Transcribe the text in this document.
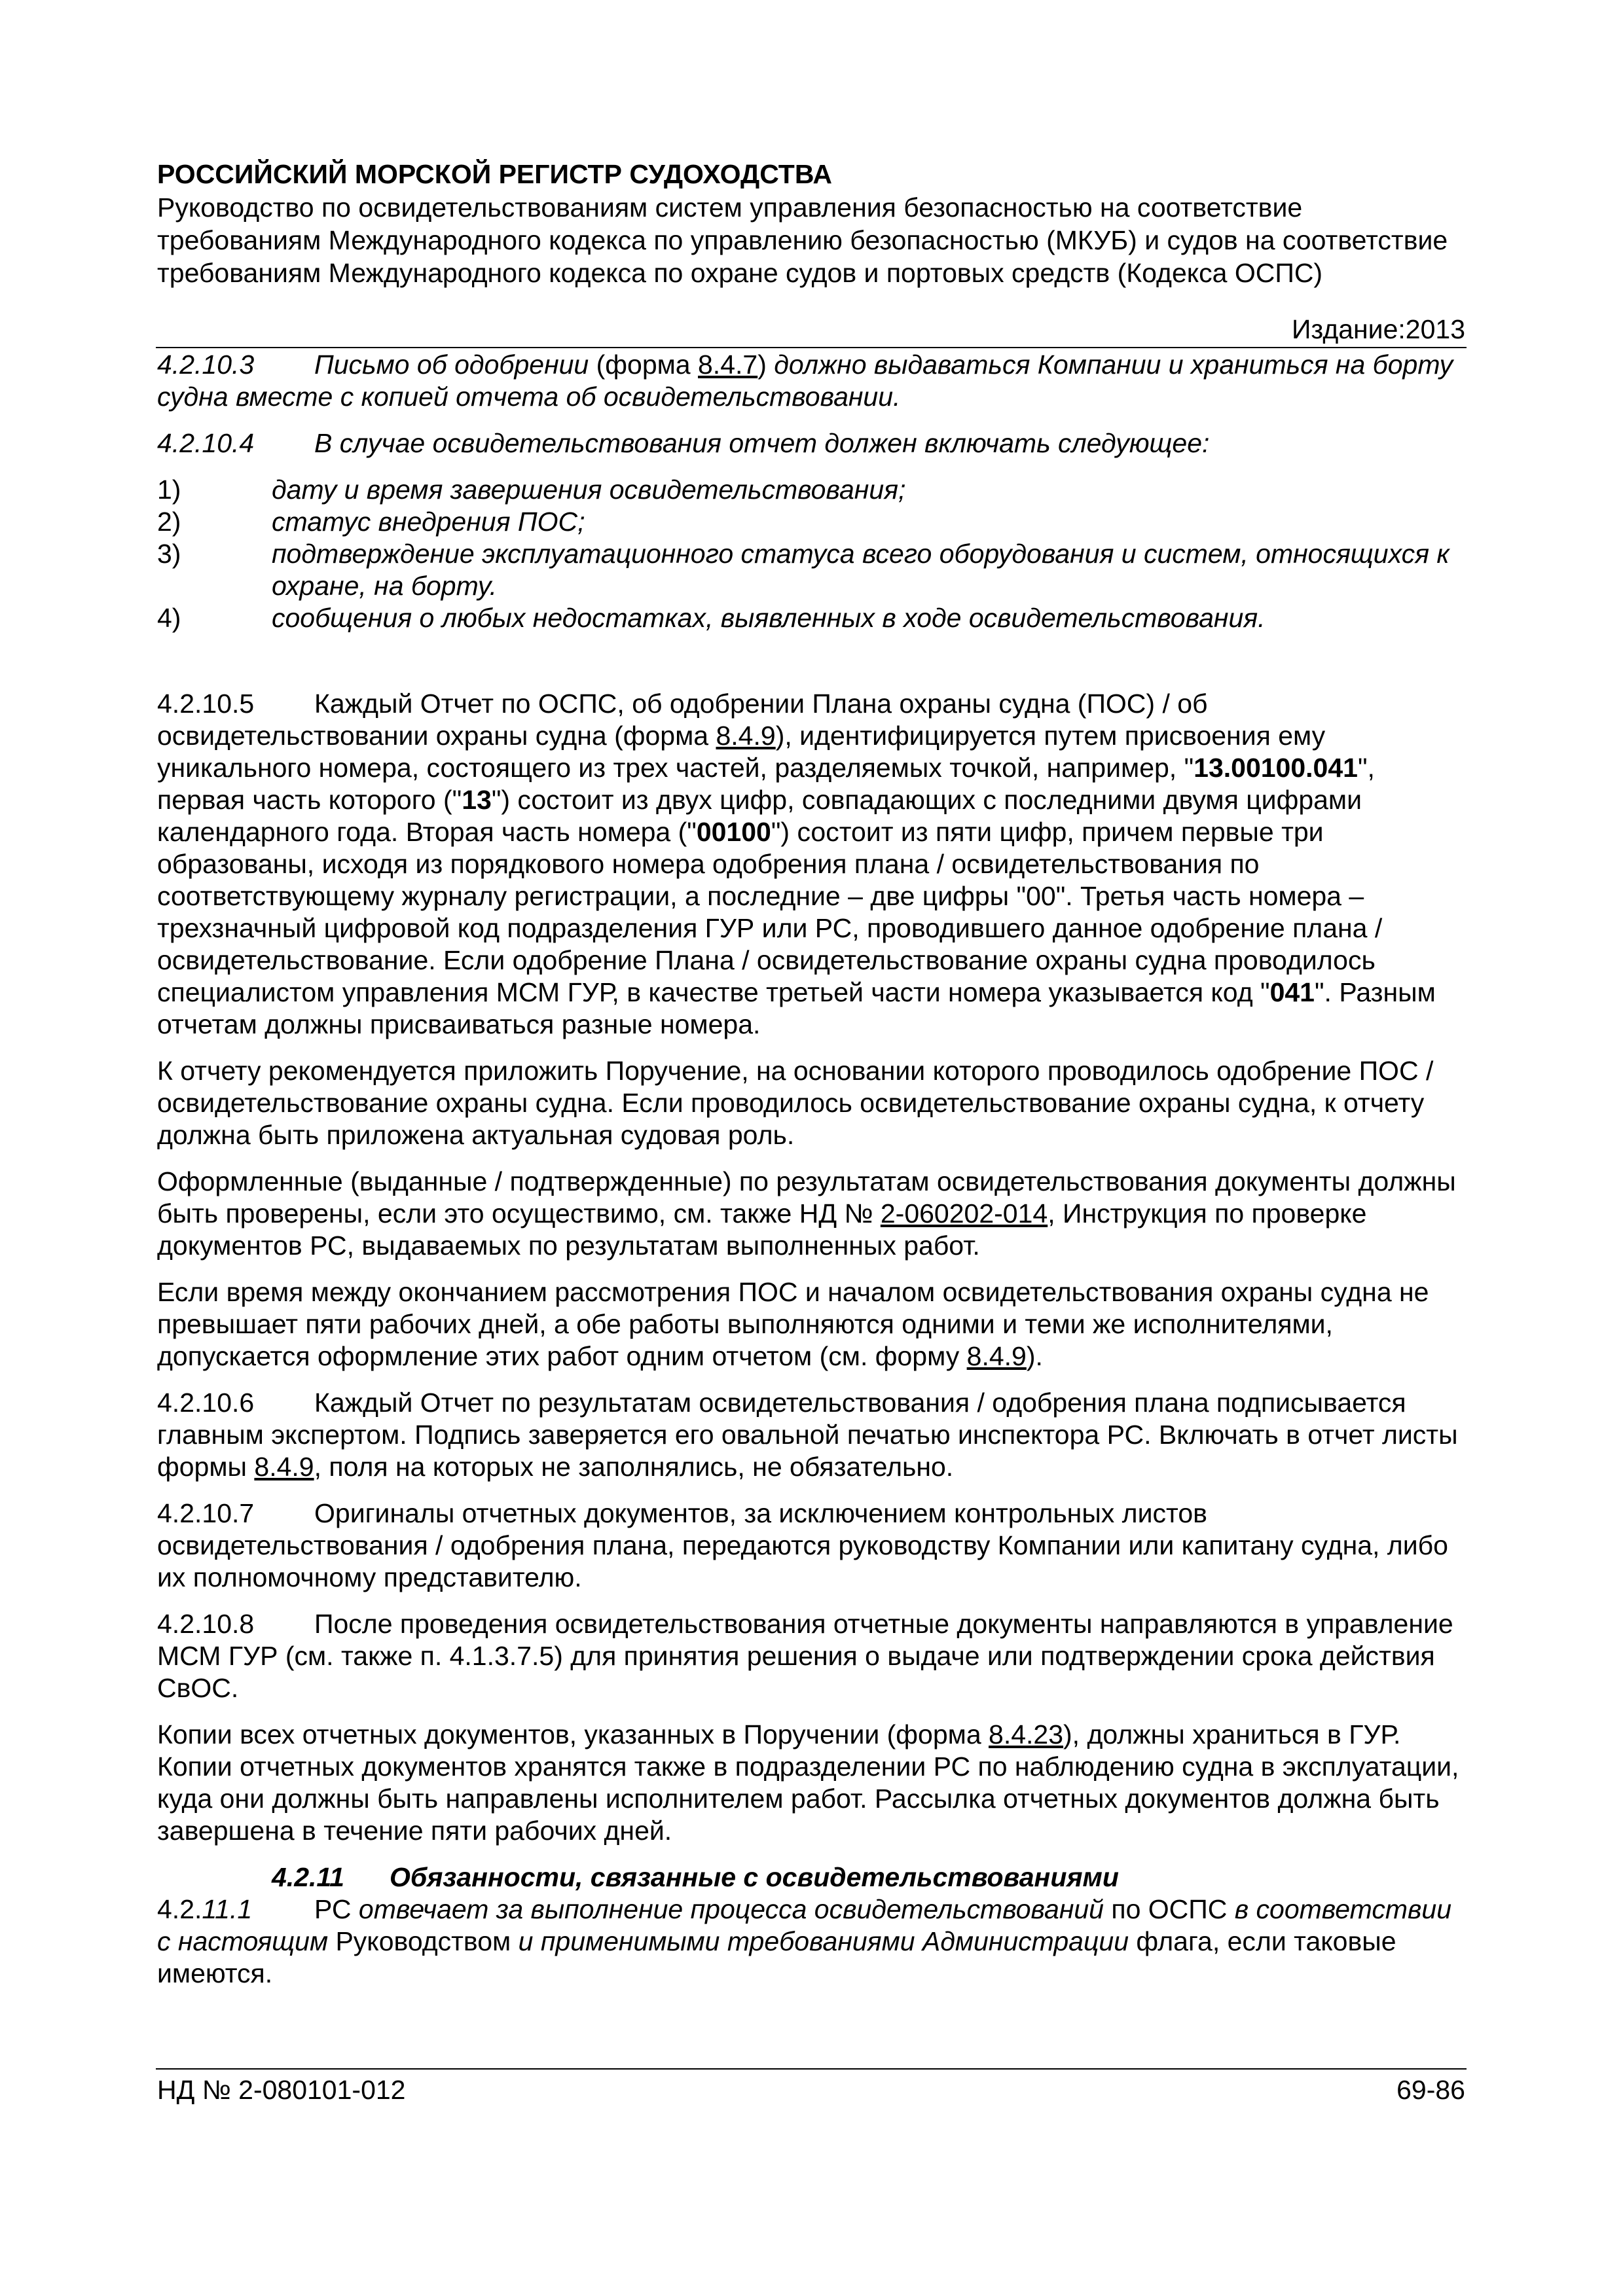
РОССИЙСКИЙ МОРСКОЙ РЕГИСТР СУДОХОДСТВА
Руководство по освидетельствованиям систем управления безопасностью на соответствие требованиям Международного кодекса по управлению безопасностью (МКУБ) и судов на соответствие требованиям Международного кодекса по охране судов и портовых средств (Кодекса ОСПС)
Издание:2013

4.2.10.3 Письмо об одобрении (форма 8.4.7) должно выдаваться Компании и храниться на борту судна вместе с копией отчета об освидетельствовании.

4.2.10.4 В случае освидетельствования отчет должен включать следующее:

1)	дату и время завершения освидетельствования;
2)	статус внедрения ПОС;
3)	подтверждение эксплуатационного статуса всего оборудования и систем, относящихся к охране, на борту.
4)	сообщения о любых недостатках, выявленных в ходе освидетельствования.

4.2.10.5 Каждый Отчет по ОСПС, об одобрении Плана охраны судна (ПОС) / об освидетельствовании охраны судна (форма 8.4.9), идентифицируется путем присвоения ему уникального номера, состоящего из трех частей, разделяемых точкой, например, "13.00100.041", первая часть которого ("13") состоит из двух цифр, совпадающих с последними двумя цифрами календарного года. Вторая часть номера ("00100") состоит из пяти цифр, причем первые три образованы, исходя из порядкового номера одобрения плана / освидетельствования по соответствующему журналу регистрации, а последние – две цифры "00". Третья часть номера – трехзначный цифровой код подразделения ГУР или РС, проводившего данное одобрение плана / освидетельствование. Если одобрение Плана / освидетельствование охраны судна проводилось специалистом управления МСМ ГУР, в качестве третьей части номера указывается код "041". Разным отчетам должны присваиваться разные номера.

К отчету рекомендуется приложить Поручение, на основании которого проводилось одобрение ПОС / освидетельствование охраны судна. Если проводилось освидетельствование охраны судна, к отчету должна быть приложена актуальная судовая роль.

Оформленные (выданные / подтвержденные) по результатам освидетельствования документы должны быть проверены, если это осуществимо, см. также НД № 2-060202-014, Инструкция по проверке документов РС, выдаваемых по результатам выполненных работ.

Если время между окончанием рассмотрения ПОС и началом освидетельствования охраны судна не превышает пяти рабочих дней, а обе работы выполняются одними и теми же исполнителями, допускается оформление этих работ одним отчетом (см. форму 8.4.9).

4.2.10.6 Каждый Отчет по результатам освидетельствования / одобрения плана подписывается главным экспертом. Подпись заверяется его овальной печатью инспектора РС. Включать в отчет листы формы 8.4.9, поля на которых не заполнялись, не обязательно.

4.2.10.7 Оригиналы отчетных документов, за исключением контрольных листов освидетельствования / одобрения плана, передаются руководству Компании или капитану судна, либо их полномочному представителю.

4.2.10.8 После проведения освидетельствования отчетные документы направляются в управление МСМ ГУР (см. также п. 4.1.3.7.5) для принятия решения о выдаче или подтверждении срока действия СвОС.

Копии всех отчетных документов, указанных в Поручении (форма 8.4.23), должны храниться в ГУР. Копии отчетных документов хранятся также в подразделении РС по наблюдению судна в эксплуатации, куда они должны быть направлены исполнителем работ. Рассылка отчетных документов должна быть завершена в течение пяти рабочих дней.

4.2.11 Обязанности, связанные с освидетельствованиями

4.2.11.1 РС отвечает за выполнение процесса освидетельствований по ОСПС в соответствии с настоящим Руководством и применимыми требованиями Администрации флага, если таковые имеются.

НД № 2-080101-012	69-86
